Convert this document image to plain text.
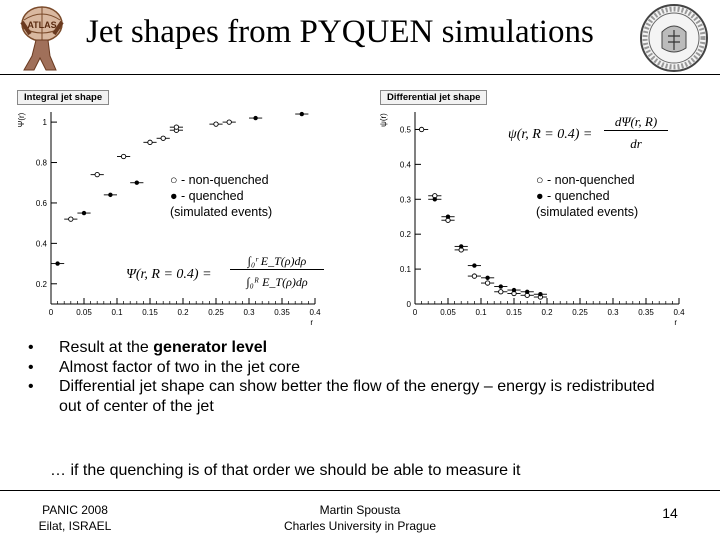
ATLAS Jet shapes from PYQUEN simulations
Integral jet shape	Differential jet shape
0	0.05 0.1 0.15 0.2 0.25 0.3 0.35 0.4
0.2
0.4
0.6
0.8
1
r
Ψ(r)
0	0.05 0.1 0.15 0.2 0.25 0.3 0.35 0.4
0
0.1
0.2
0.3
0.4
0.5
r
ψ(r)
○ - non-quenched
● - quenched
(simulated events)
○ - non-quenched
● - quenched
(simulated events)
Ψ(r, R = 0.4) =
∫₀ʳ E_T(ρ)dρ
∫₀ᴿ E_T(ρ)dρ
ψ(r, R = 0.4) =
dΨ(r, R)
dr
• Result at the generator level
• Almost factor of two in the jet core
• Differential jet shape can show better the flow of the energy – energy is redistributed out of center of the jet
… if the quenching is of that order we should be able to measure it
PANIC 2008
Eilat, ISRAEL
Martin Spousta
Charles University in Prague
14
